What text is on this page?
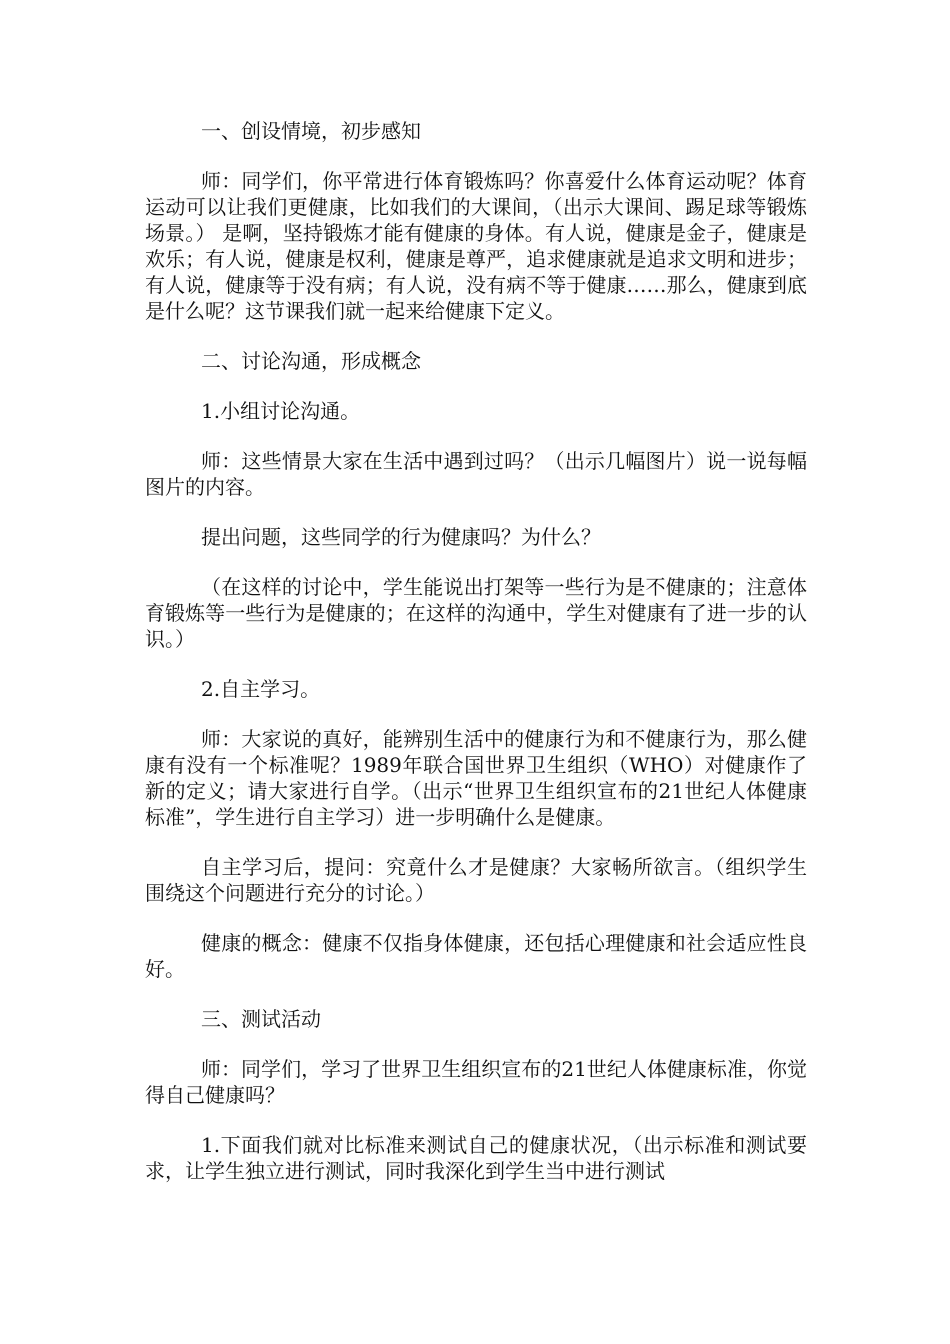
一、创设情境，初步感知

师：同学们，你平常进行体育锻炼吗？你喜爱什么体育运动呢？体育运动可以让我们更健康，比如我们的大课间，（出示大课间、踢足球等锻炼场景。） 是啊，坚持锻炼才能有健康的身体。有人说，健康是金子，健康是欢乐；有人说，健康是权利，健康是尊严，追求健康就是追求文明和进步；有人说，健康等于没有病；有人说，没有病不等于健康……那么，健康到底是什么呢？这节课我们就一起来给健康下定义。

二、讨论沟通，形成概念

1.小组讨论沟通。

师：这些情景大家在生活中遇到过吗？（出示几幅图片）说一说每幅图片的内容。

提出问题，这些同学的行为健康吗？为什么？

（在这样的讨论中，学生能说出打架等一些行为是不健康的；注意体育锻炼等一些行为是健康的；在这样的沟通中，学生对健康有了进一步的认识。）

2.自主学习。

师：大家说的真好，能辨别生活中的健康行为和不健康行为，那么健康有没有一个标准呢？1989年联合国世界卫生组织（WHO）对健康作了新的定义；请大家进行自学。（出示“世界卫生组织宣布的21世纪人体健康标准”，学生进行自主学习）进一步明确什么是健康。

自主学习后，提问：究竟什么才是健康？大家畅所欲言。（组织学生围绕这个问题进行充分的讨论。）

健康的概念：健康不仅指身体健康，还包括心理健康和社会适应性良好。

三、测试活动

师：同学们，学习了世界卫生组织宣布的21世纪人体健康标准，你觉得自己健康吗？

1.下面我们就对比标准来测试自己的健康状况，（出示标准和测试要求，让学生独立进行测试，同时我深化到学生当中进行测试
